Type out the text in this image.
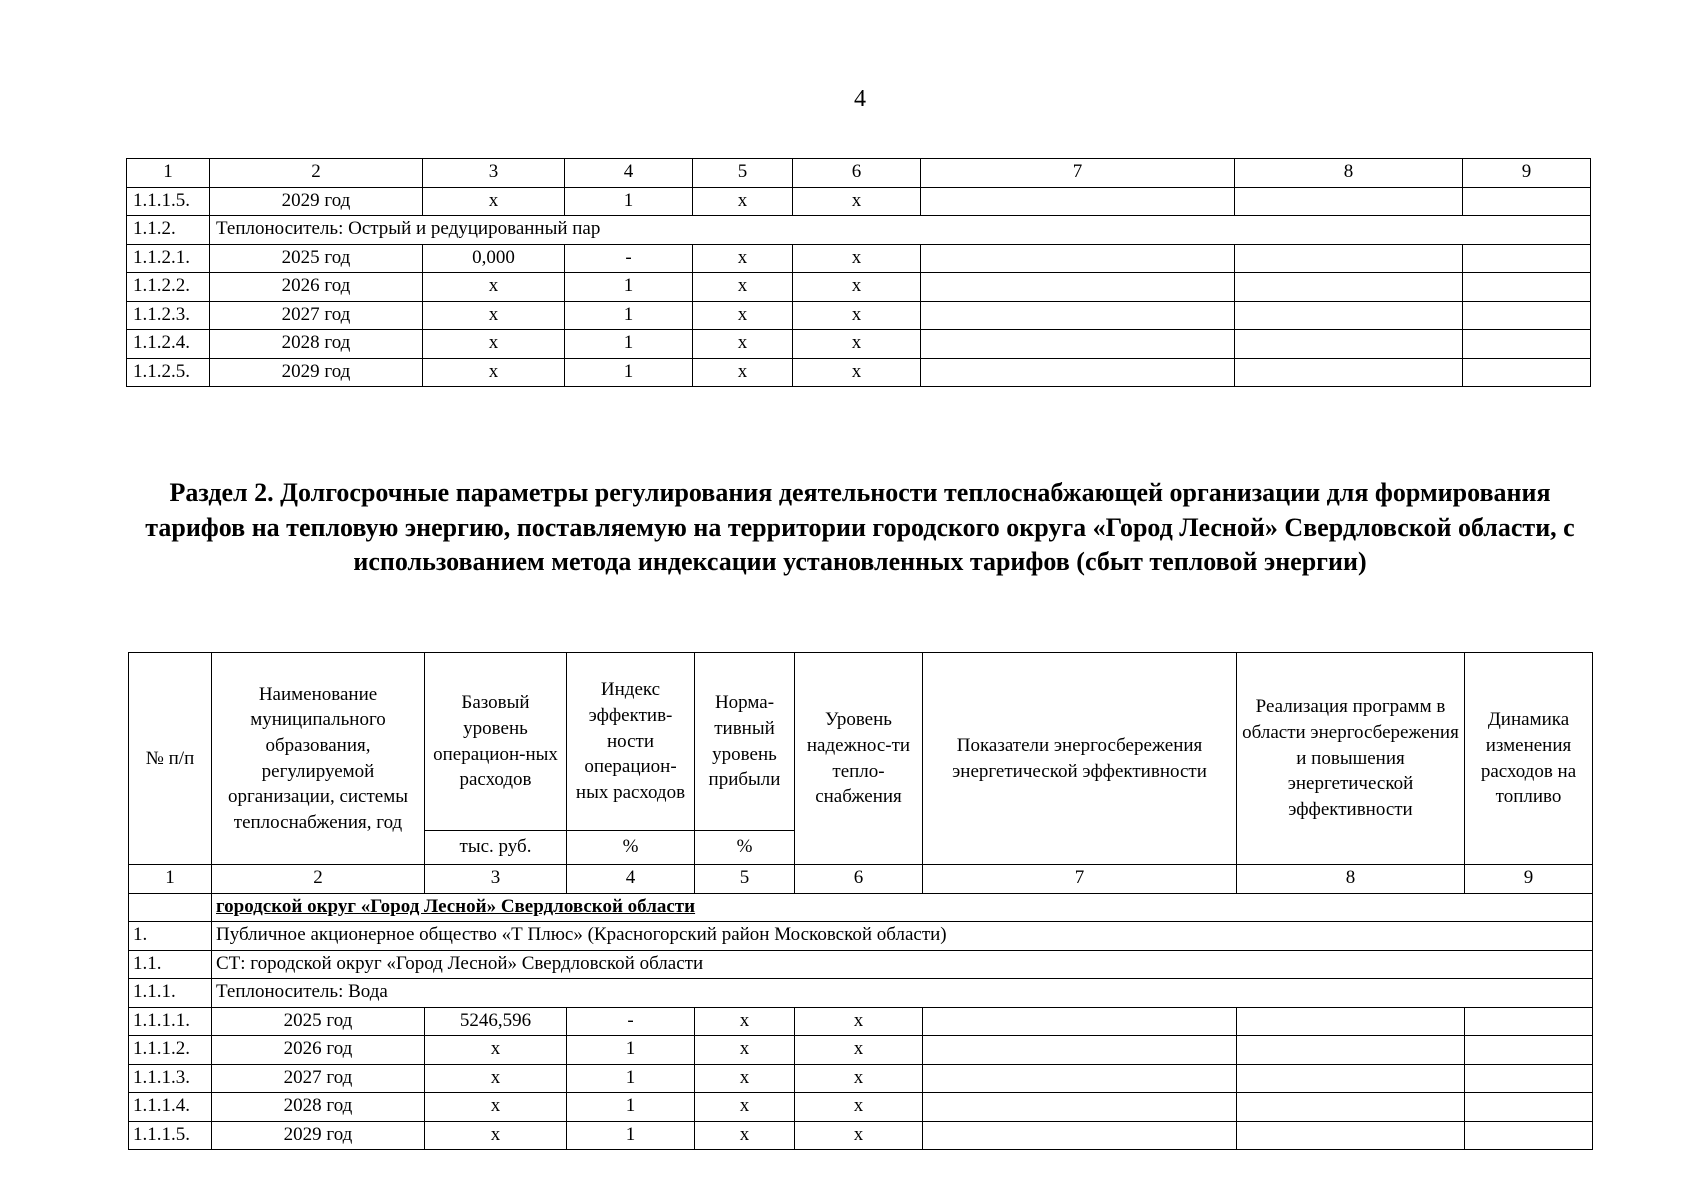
4
1	2	3	4	5	6	7	8	9
1.1.1.5.	2029 год	x	1	x	x			
1.1.2.	Теплоноситель: Острый и редуцированный пар							
1.1.2.1.	2025 год	0,000	-	x	x			
1.1.2.2.	2026 год	x	1	x	x			
1.1.2.3.	2027 год	x	1	x	x			
1.1.2.4.	2028 год	x	1	x	x			
1.1.2.5.	2029 год	x	1	x	x			
Раздел 2. Долгосрочные параметры регулирования деятельности теплоснабжающей организации для формирования тарифов на тепловую энергию, поставляемую на территории городского округа «Город Лесной» Свердловской области, с использованием метода индексации установленных тарифов (сбыт тепловой энергии)
№ п/п	Наименование муниципального образования, регулируемой организации, системы теплоснабжения, год	Базовый уровень операцион-ных расходов	Индекс эффектив-ности операцион-ных расходов	Норма-тивный уровень прибыли	Уровень надежнос-ти тепло-снабжения	Показатели энергосбережения энергетической эффективности	Реализация программ в области энергосбережения и повышения энергетической эффективности	Динамика изменения расходов на топливо
		тыс. руб.	%	%				
1	2	3	4	5	6	7	8	9
	городской округ «Город Лесной» Свердловской области							
1.	Публичное акционерное общество «Т Плюс» (Красногорский район Московской области)							
1.1.	СТ: городской округ «Город Лесной» Свердловской области							
1.1.1.	Теплоноситель: Вода							
1.1.1.1.	2025 год	5246,596	-	x	x			
1.1.1.2.	2026 год	x	1	x	x			
1.1.1.3.	2027 год	x	1	x	x			
1.1.1.4.	2028 год	x	1	x	x			
1.1.1.5.	2029 год	x	1	x	x			
